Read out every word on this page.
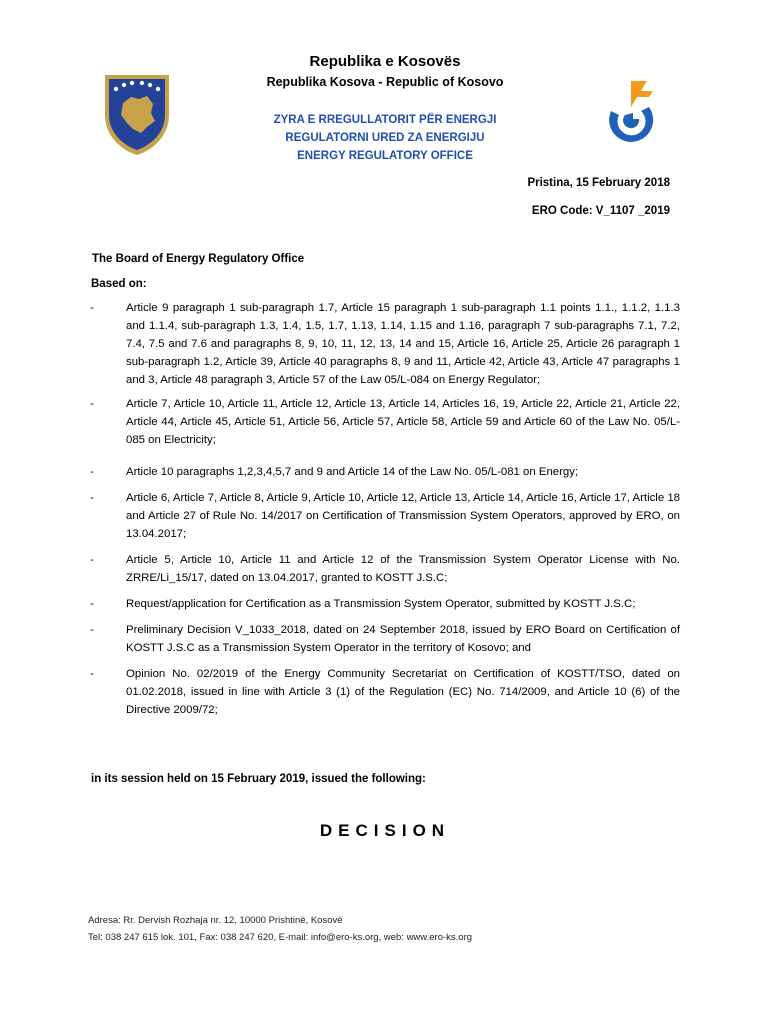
Republika e Kosovës
Republika Kosova - Republic of Kosovo
ZYRA E RREGULLATORIT PËR ENERGJI
REGULATORNI URED ZA ENERGIJU
ENERGY REGULATORY OFFICE
Pristina, 15 February 2018
ERO Code: V_1107 _2019
The Board of Energy Regulatory Office
Based on:
-	Article 9 paragraph 1 sub-paragraph 1.7, Article 15 paragraph 1 sub-paragraph 1.1 points 1.1., 1.1.2, 1.1.3 and 1.1.4, sub-paragraph 1.3, 1.4, 1.5, 1.7, 1.13, 1.14, 1.15 and 1.16, paragraph 7 sub-paragraphs 7.1, 7.2, 7.4, 7.5 and 7.6 and paragraphs 8, 9, 10, 11, 12, 13, 14 and 15, Article 16, Article 25, Article 26 paragraph 1 sub-paragraph 1.2, Article 39, Article 40 paragraphs 8, 9 and 11, Article 42, Article 43, Article 47 paragraphs 1 and 3, Article 48 paragraph 3, Article 57 of the Law 05/L-084 on Energy Regulator;
-	Article 7, Article 10, Article 11, Article 12, Article 13, Article 14, Articles 16, 19, Article 22, Article 21, Article 22, Article 44, Article 45, Article 51, Article 56, Article 57, Article 58, Article 59 and Article 60 of the Law No. 05/L-085 on Electricity;
-	Article 10 paragraphs 1,2,3,4,5,7 and 9 and Article 14 of the Law No. 05/L-081 on Energy;
-	Article 6, Article 7, Article 8, Article 9, Article 10, Article 12, Article 13, Article 14, Article 16, Article 17, Article 18 and Article 27 of Rule No. 14/2017 on Certification of Transmission System Operators, approved by ERO, on 13.04.2017;
-	Article 5, Article 10, Article 11 and Article 12 of the Transmission System Operator License with No. ZRRE/Li_15/17, dated on 13.04.2017, granted to KOSTT J.S.C;
-	Request/application for Certification as a Transmission System Operator, submitted by KOSTT J.S.C;
-	Preliminary Decision V_1033_2018, dated on 24 September 2018, issued by ERO Board on Certification of KOSTT J.S.C as a Transmission System Operator in the territory of Kosovo; and
-	Opinion No. 02/2019 of the Energy Community Secretariat on Certification of KOSTT/TSO, dated on 01.02.2018, issued in line with Article 3 (1) of the Regulation (EC) No. 714/2009, and Article 10 (6) of the Directive 2009/72;
in its session held on 15 February 2019, issued the following:
DECISION
Adresa: Rr. Dervish Rozhaja nr. 12, 10000 Prishtinë, Kosovë
Tel: 038 247 615 lok. 101, Fax: 038 247 620, E-mail: info@ero-ks.org, web: www.ero-ks.org
